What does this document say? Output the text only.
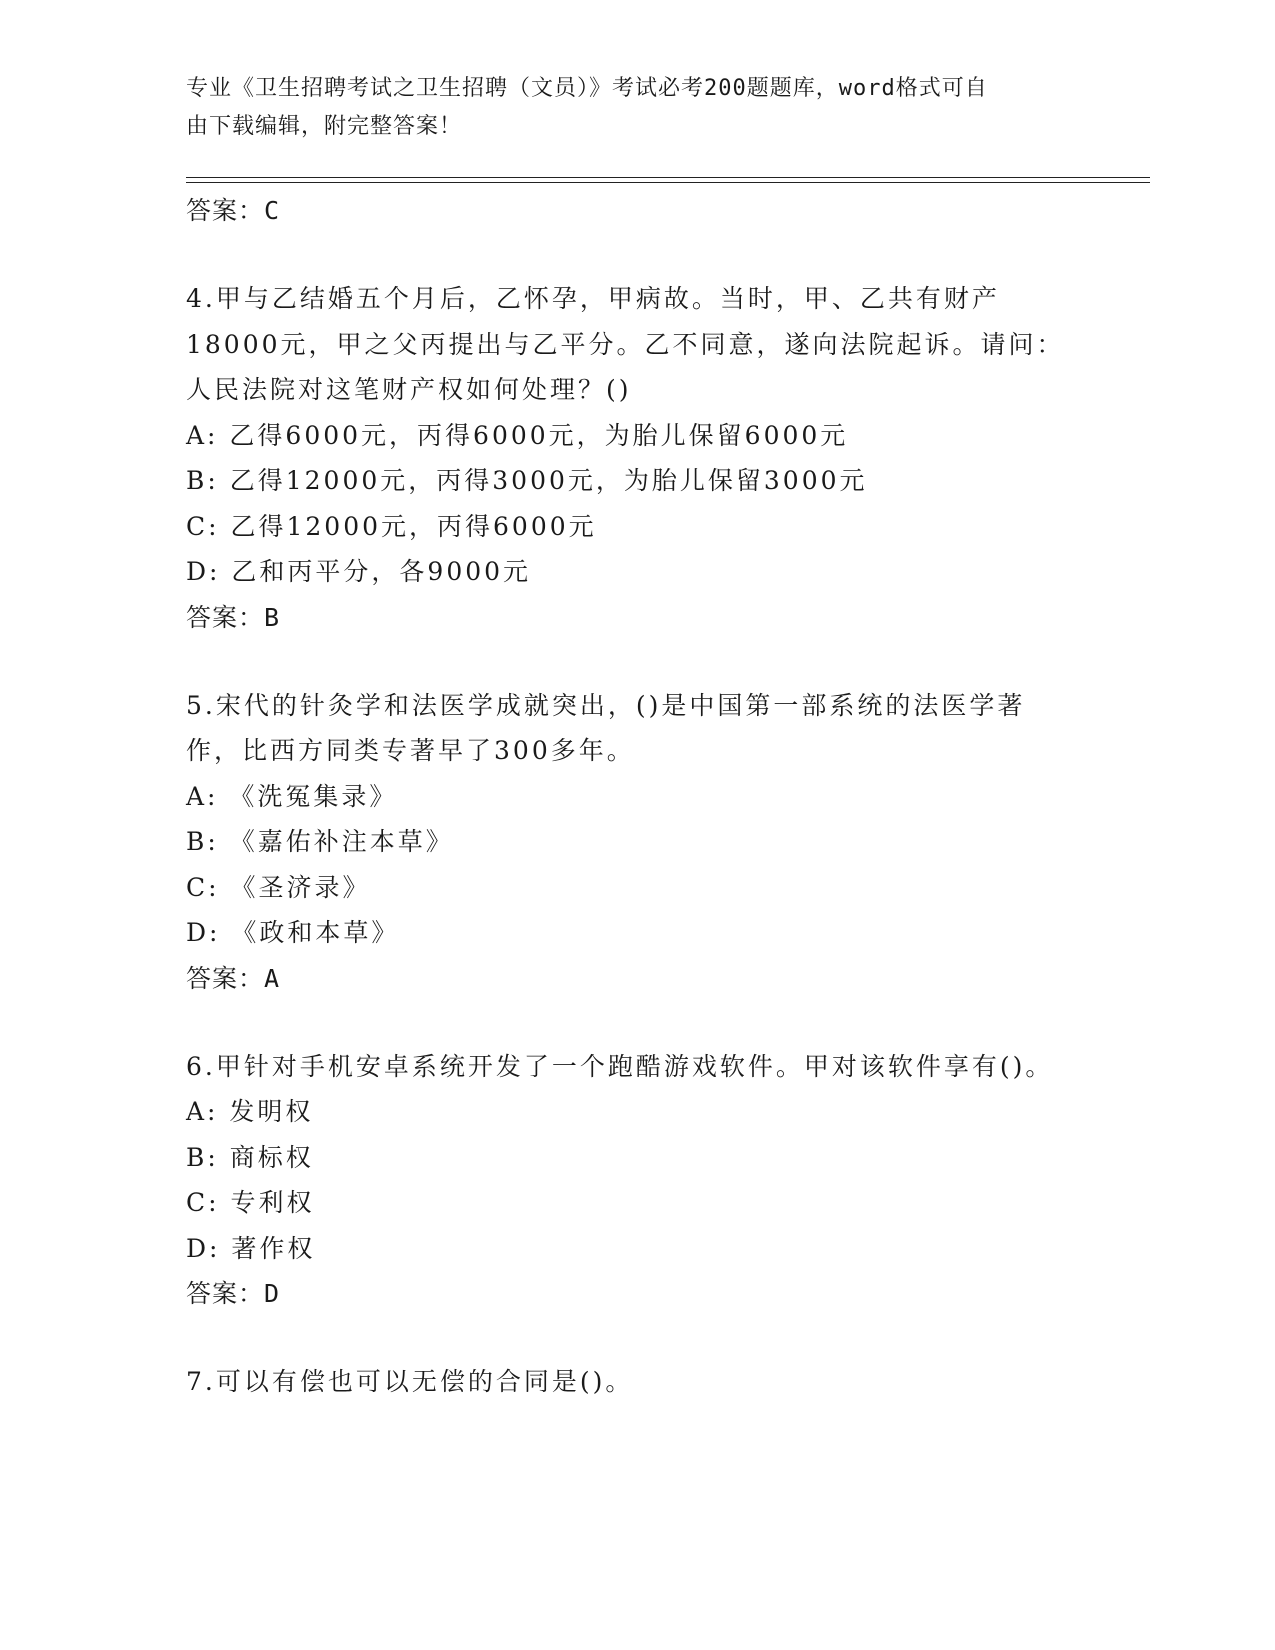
专业《卫生招聘考试之卫生招聘（文员）》考试必考200题题库，word格式可自
由下载编辑，附完整答案！
答案：C

4.甲与乙结婚五个月后，乙怀孕，甲病故。当时，甲、乙共有财产18000元，甲之父丙提出与乙平分。乙不同意，遂向法院起诉。请问：人民法院对这笔财产权如何处理？()

A: 乙得6000元，丙得6000元，为胎儿保留6000元

B: 乙得12000元，丙得3000元，为胎儿保留3000元

C: 乙得12000元，丙得6000元

D: 乙和丙平分，各9000元

答案：B

5.宋代的针灸学和法医学成就突出，()是中国第一部系统的法医学著作，比西方同类专著早了300多年。

A: 《洗冤集录》

B: 《嘉佑补注本草》

C: 《圣济录》

D: 《政和本草》

答案：A

6.甲针对手机安卓系统开发了一个跑酷游戏软件。甲对该软件享有()。

A: 发明权

B: 商标权

C: 专利权

D: 著作权

答案：D

7.可以有偿也可以无偿的合同是()。
